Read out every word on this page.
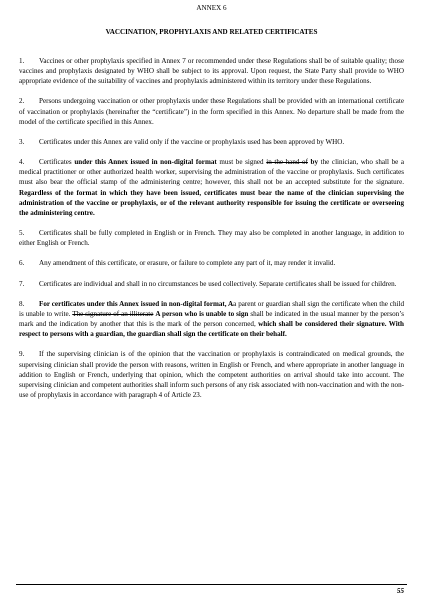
ANNEX 6

VACCINATION, PROPHYLAXIS AND RELATED CERTIFICATES

1. Vaccines or other prophylaxis specified in Annex 7 or recommended under these Regulations shall be of suitable quality; those vaccines and prophylaxis designated by WHO shall be subject to its approval. Upon request, the State Party shall provide to WHO appropriate evidence of the suitability of vaccines and prophylaxis administered within its territory under these Regulations.

2. Persons undergoing vaccination or other prophylaxis under these Regulations shall be provided with an international certificate of vaccination or prophylaxis (hereinafter the “certificate”) in the form specified in this Annex. No departure shall be made from the model of the certificate specified in this Annex.

3. Certificates under this Annex are valid only if the vaccine or prophylaxis used has been approved by WHO.

4. Certificates under this Annex issued in non-digital format must be signed in the hand of by the clinician, who shall be a medical practitioner or other authorized health worker, supervising the administration of the vaccine or prophylaxis. Such certificates must also bear the official stamp of the administering centre; however, this shall not be an accepted substitute for the signature. Regardless of the format in which they have been issued, certificates must bear the name of the clinician supervising the administration of the vaccine or prophylaxis, or of the relevant authority responsible for issuing the certificate or overseeing the administering centre.

5. Certificates shall be fully completed in English or in French. They may also be completed in another language, in addition to either English or French.

6. Any amendment of this certificate, or erasure, or failure to complete any part of it, may render it invalid.

7. Certificates are individual and shall in no circumstances be used collectively. Separate certificates shall be issued for children.

8. For certificates under this Annex issued in non-digital format, Aa parent or guardian shall sign the certificate when the child is unable to write. The signature of an illiterate A person who is unable to sign shall be indicated in the usual manner by the person’s mark and the indication by another that this is the mark of the person concerned, which shall be considered their signature. With respect to persons with a guardian, the guardian shall sign the certificate on their behalf.

9. If the supervising clinician is of the opinion that the vaccination or prophylaxis is contraindicated on medical grounds, the supervising clinician shall provide the person with reasons, written in English or French, and where appropriate in another language in addition to English or French, underlying that opinion, which the competent authorities on arrival should take into account. The supervising clinician and competent authorities shall inform such persons of any risk associated with non-vaccination and with the non-use of prophylaxis in accordance with paragraph 4 of Article 23.

55
